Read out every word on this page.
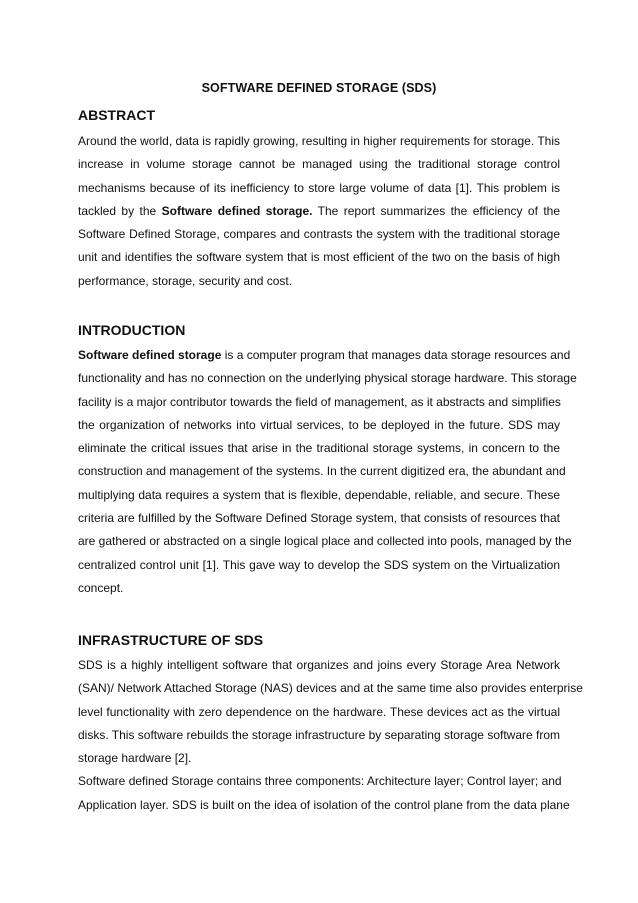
SOFTWARE DEFINED STORAGE (SDS)
ABSTRACT
Around the world, data is rapidly growing, resulting in higher requirements for storage. This
increase in volume storage cannot be managed using the traditional storage control
mechanisms because of its inefficiency to store large volume of data [1]. This problem is
tackled by the Software defined storage. The report summarizes the efficiency of the
Software Defined Storage, compares and contrasts the system with the traditional storage
unit and identifies the software system that is most efficient of the two on the basis of high
performance, storage, security and cost.
INTRODUCTION
Software defined storage is a computer program that manages data storage resources and
functionality and has no connection on the underlying physical storage hardware. This storage
facility is a major contributor towards the field of management, as it abstracts and simplifies
the organization of networks into virtual services, to be deployed in the future. SDS may
eliminate the critical issues that arise in the traditional storage systems, in concern to the
construction and management of the systems. In the current digitized era, the abundant and
multiplying data requires a system that is flexible, dependable, reliable, and secure. These
criteria are fulfilled by the Software Defined Storage system, that consists of resources that
are gathered or abstracted on a single logical place and collected into pools, managed by the
centralized control unit [1]. This gave way to develop the SDS system on the Virtualization
concept.
INFRASTRUCTURE OF SDS
SDS is a highly intelligent software that organizes and joins every Storage Area Network
(SAN)/ Network Attached Storage (NAS) devices and at the same time also provides enterprise
level functionality with zero dependence on the hardware. These devices act as the virtual
disks. This software rebuilds the storage infrastructure by separating storage software from
storage hardware [2].
Software defined Storage contains three components: Architecture layer; Control layer; and
Application layer. SDS is built on the idea of isolation of the control plane from the data plane
